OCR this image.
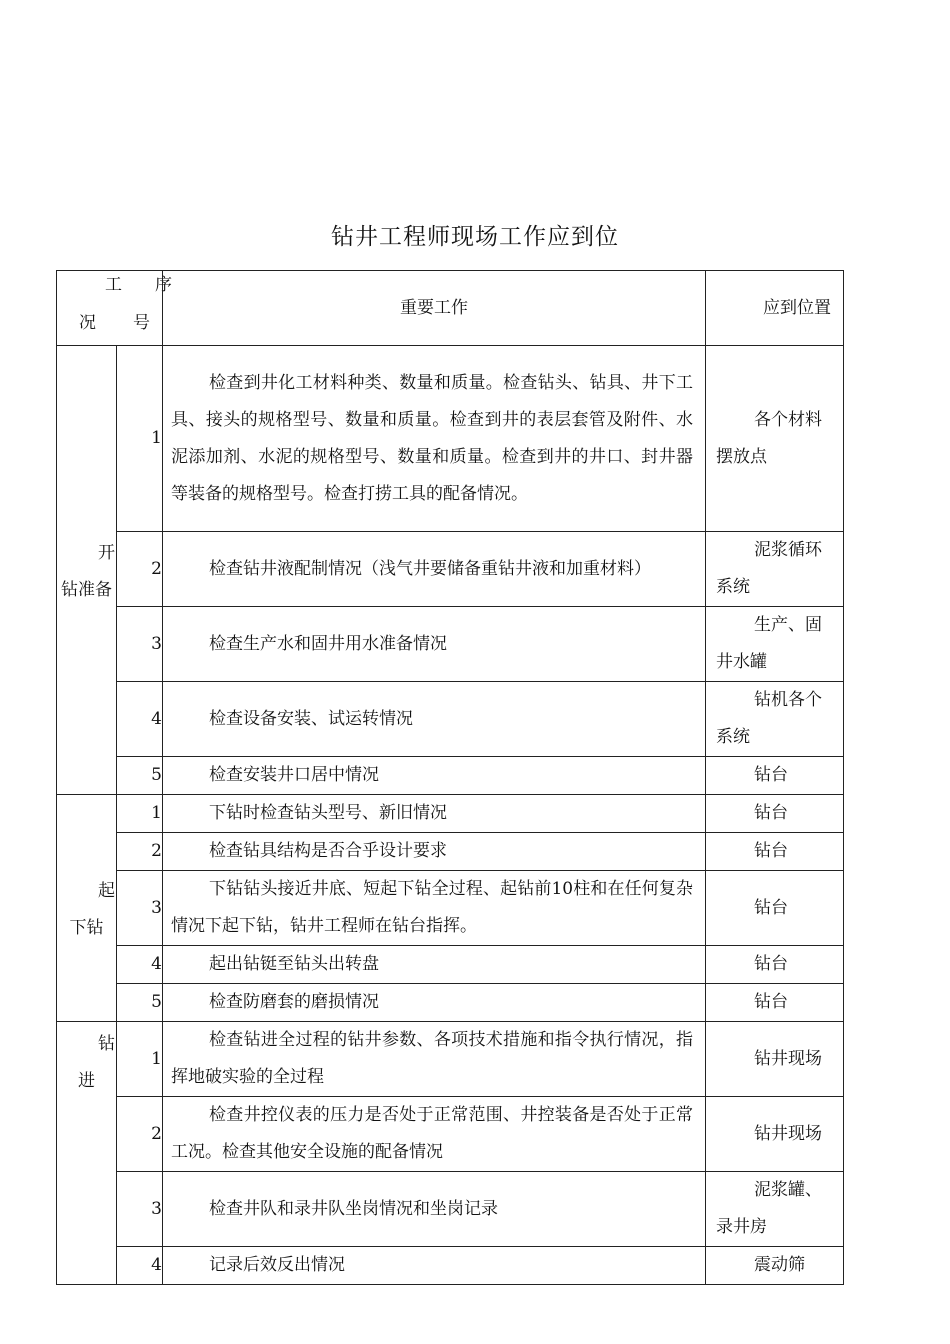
钻井工程师现场工作应到位
工 序
况 号		重要工作	应到位置

开
钻准备	1	检查到井化工材料种类、数量和质量。检查钻头、钻具、井下工具、接头的规格型号、数量和质量。检查到井的表层套管及附件、水泥添加剂、水泥的规格型号、数量和质量。检查到井的井口、封井器等装备的规格型号。检查打捞工具的配备情况。	各个材料摆放点
	2	检查钻井液配制情况（浅气井要储备重钻井液和加重材料）	泥浆循环系统
	3	检查生产水和固井用水准备情况	生产、固井水罐
	4	检查设备安装、试运转情况	钻机各个系统
	5	检查安装井口居中情况	钻台

起
下钻	1	下钻时检查钻头型号、新旧情况	钻台
	2	检查钻具结构是否合乎设计要求	钻台
	3	下钻钻头接近井底、短起下钻全过程、起钻前10柱和在任何复杂情况下起下钻，钻井工程师在钻台指挥。	钻台
	4	起出钻铤至钻头出转盘	钻台
	5	检查防磨套的磨损情况	钻台

钻
进	1	检查钻进全过程的钻井参数、各项技术措施和指令执行情况，指挥地破实验的全过程	钻井现场
	2	检查井控仪表的压力是否处于正常范围、井控装备是否处于正常工况。检查其他安全设施的配备情况	钻井现场
	3	检查井队和录井队坐岗情况和坐岗记录	泥浆罐、录井房
	4	记录后效反出情况	震动筛
